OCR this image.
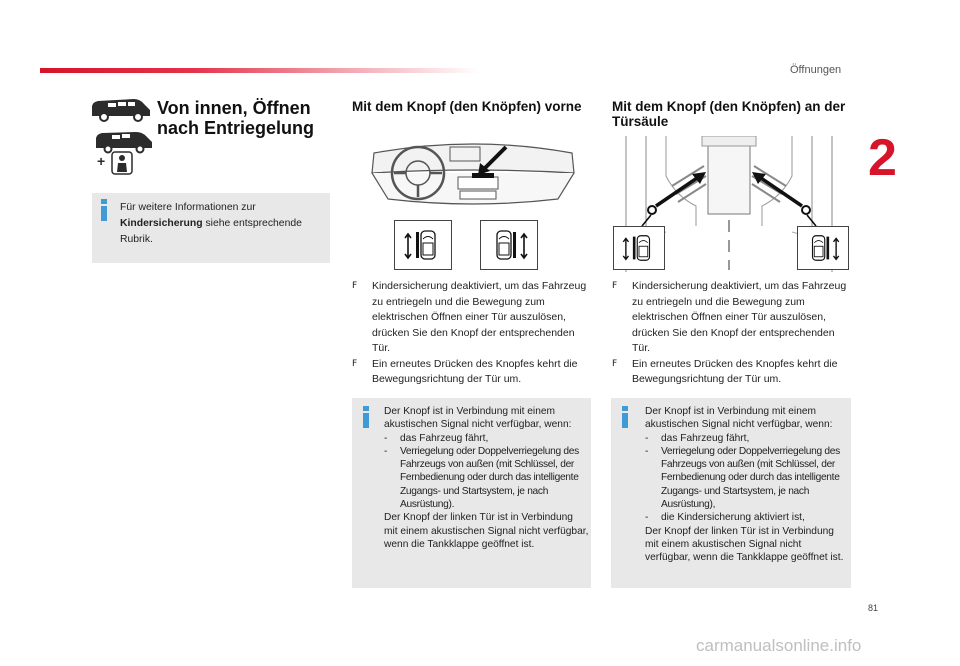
Öffnungen
2
+
Von innen, Öffnen nach Entriegelung
Für weitere Informationen zur
Kindersicherung siehe entsprechende Rubrik.
Mit dem Knopf (den Knöpfen) vorne
F	Kindersicherung deaktiviert, um das Fahrzeug zu entriegeln und die Bewegung zum elektrischen Öffnen einer Tür auszulösen, drücken Sie den Knopf der entsprechenden Tür.
F	Ein erneutes Drücken des Knopfes kehrt die Bewegungsrichtung der Tür um.

Der Knopf ist in Verbindung mit einem akustischen Signal nicht verfügbar, wenn:

-	das Fahrzeug fährt,
-	Verriegelung oder Doppelverriegelung des Fahrzeugs von außen (mit Schlüssel, der Fernbedienung oder durch das intelligente Zugangs- und Startsystem, je nach Ausrüstung).

Der Knopf der linken Tür ist in Verbindung mit einem akustischen Signal nicht verfügbar, wenn die Tankklappe geöffnet ist.

Mit dem Knopf (den Knöpfen) an der Türsäule
F	Kindersicherung deaktiviert, um das Fahrzeug zu entriegeln und die Bewegung zum elektrischen Öffnen einer Tür auszulösen, drücken Sie den Knopf der entsprechenden Tür.
F	Ein erneutes Drücken des Knopfes kehrt die Bewegungsrichtung der Tür um.

Der Knopf ist in Verbindung mit einem akustischen Signal nicht verfügbar, wenn:

-	das Fahrzeug fährt,
-	Verriegelung oder Doppelverriegelung des Fahrzeugs von außen (mit Schlüssel, der Fernbedienung oder durch das intelligente Zugangs- und Startsystem, je nach Ausrüstung),
-	die Kindersicherung aktiviert ist,

Der Knopf der linken Tür ist in Verbindung mit einem akustischen Signal nicht verfügbar, wenn die Tankklappe geöffnet ist.

81
carmanualsonline.info
